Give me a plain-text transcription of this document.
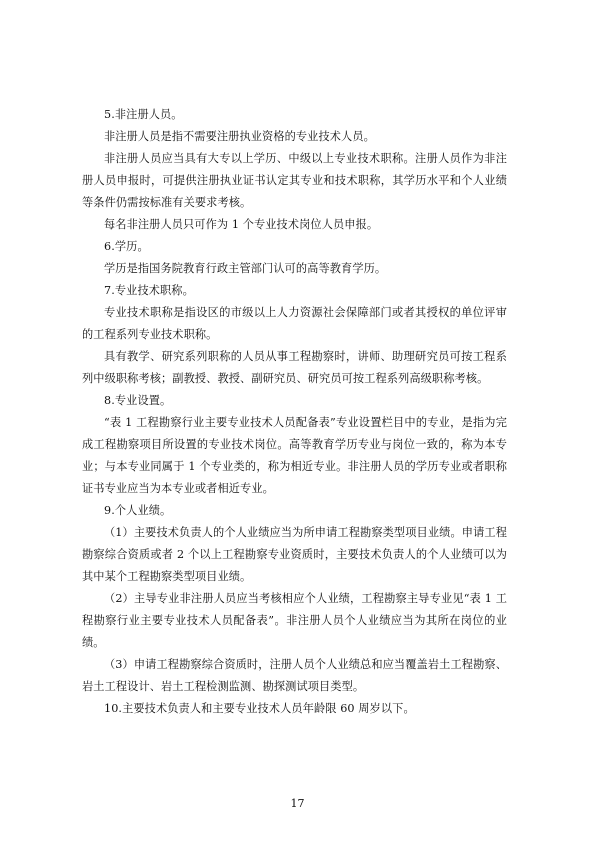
5.非注册人员。

非注册人员是指不需要注册执业资格的专业技术人员。

非注册人员应当具有大专以上学历、中级以上专业技术职称。注册人员作为非注册人员申报时，可提供注册执业证书认定其专业和技术职称，其学历水平和个人业绩等条件仍需按标准有关要求考核。

每名非注册人员只可作为 1 个专业技术岗位人员申报。

6.学历。

学历是指国务院教育行政主管部门认可的高等教育学历。

7.专业技术职称。

专业技术职称是指设区的市级以上人力资源社会保障部门或者其授权的单位评审的工程系列专业技术职称。

具有教学、研究系列职称的人员从事工程勘察时，讲师、助理研究员可按工程系列中级职称考核；副教授、教授、副研究员、研究员可按工程系列高级职称考核。

8.专业设置。

“表 1 工程勘察行业主要专业技术人员配备表”专业设置栏目中的专业，是指为完成工程勘察项目所设置的专业技术岗位。高等教育学历专业与岗位一致的，称为本专业；与本专业同属于 1 个专业类的，称为相近专业。非注册人员的学历专业或者职称证书专业应当为本专业或者相近专业。

9.个人业绩。

（1）主要技术负责人的个人业绩应当为所申请工程勘察类型项目业绩。申请工程勘察综合资质或者 2 个以上工程勘察专业资质时，主要技术负责人的个人业绩可以为其中某个工程勘察类型项目业绩。

（2）主导专业非注册人员应当考核相应个人业绩，工程勘察主导专业见“表 1 工程勘察行业主要专业技术人员配备表”。非注册人员个人业绩应当为其所在岗位的业绩。

（3）申请工程勘察综合资质时，注册人员个人业绩总和应当覆盖岩土工程勘察、岩土工程设计、岩土工程检测监测、勘探测试项目类型。

10.主要技术负责人和主要专业技术人员年龄限 60 周岁以下。

17
